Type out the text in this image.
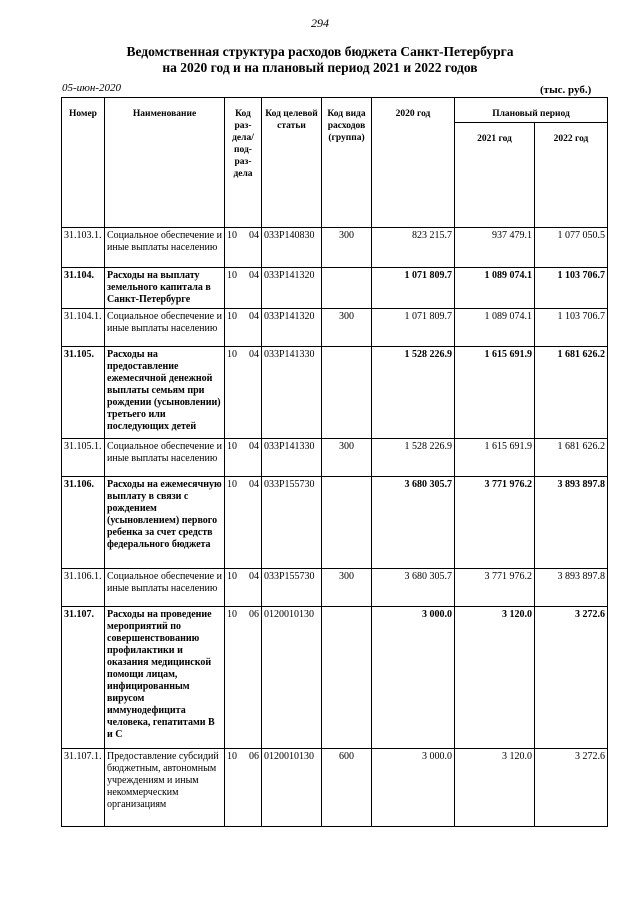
294
Ведомственная структура расходов бюджета Санкт-Петербурга
на 2020 год и на плановый период 2021 и 2022 годов
05-июн-2020	(тыс. руб.)
Номер	Наименование	Код раз-дела/ под-раз-дела	Код целевой статьи	Код вида расходов (группа)	2020 год	Плановый период	
						2021 год	2022 год
31.103.1.	Социальное обеспечение и иные выплаты населению	10 04	033Р140830	300	823 215.7	937 479.1	1 077 050.5
31.104.	Расходы на выплату земельного капитала в Санкт-Петербурге	10 04	033Р141320		1 071 809.7	1 089 074.1	1 103 706.7
31.104.1.	Социальное обеспечение и иные выплаты населению	10 04	033Р141320	300	1 071 809.7	1 089 074.1	1 103 706.7
31.105.	Расходы на предоставление ежемесячной денежной выплаты семьям при рождении (усыновлении) третьего или последующих детей	10 04	033Р141330		1 528 226.9	1 615 691.9	1 681 626.2
31.105.1.	Социальное обеспечение и иные выплаты населению	10 04	033Р141330	300	1 528 226.9	1 615 691.9	1 681 626.2
31.106.	Расходы на ежемесячную выплату в связи с рождением (усыновлением) первого ребенка за счет средств федерального бюджета	10 04	033Р155730		3 680 305.7	3 771 976.2	3 893 897.8
31.106.1.	Социальное обеспечение и иные выплаты населению	10 04	033Р155730	300	3 680 305.7	3 771 976.2	3 893 897.8
31.107.	Расходы на проведение мероприятий по совершенствованию профилактики и оказания медицинской помощи лицам, инфицированным вирусом иммунодефицита человека, гепатитами В и С	10 06	0120010130		3 000.0	3 120.0	3 272.6
31.107.1.	Предоставление субсидий бюджетным, автономным учреждениям и иным некоммерческим организациям	10 06	0120010130	600	3 000.0	3 120.0	3 272.6
